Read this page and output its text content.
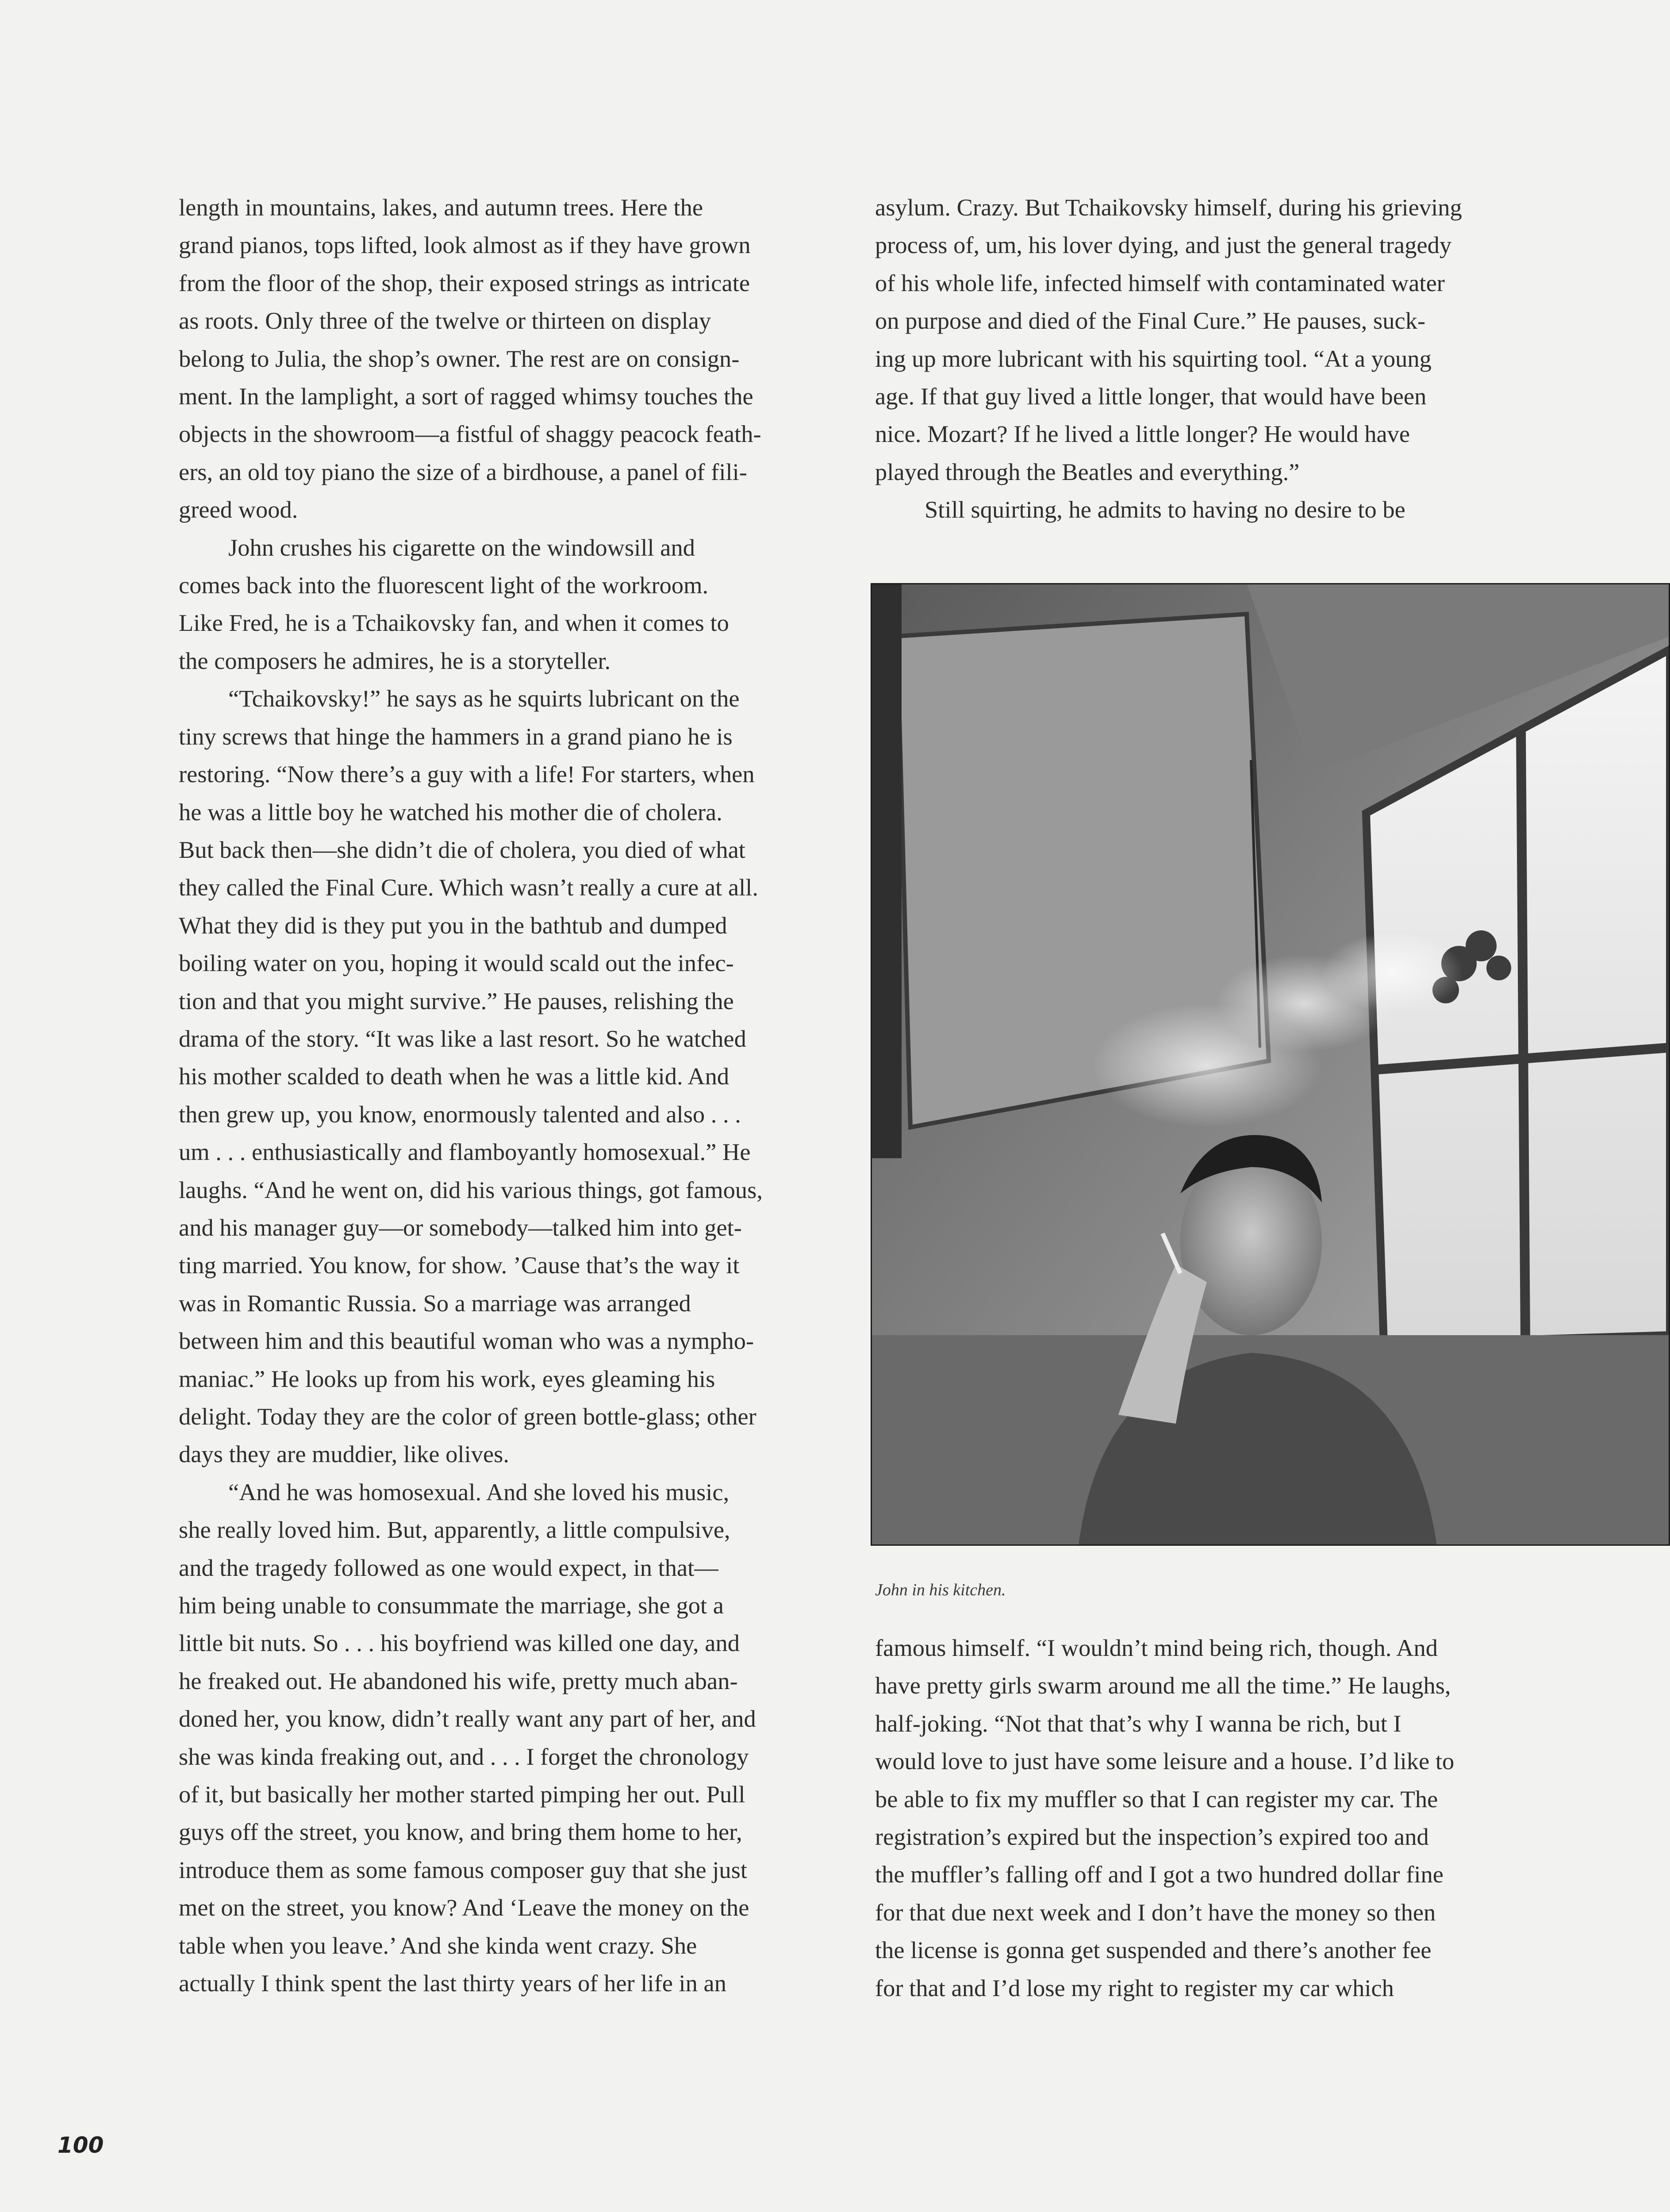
length in mountains, lakes, and autumn trees. Here the
grand pianos, tops lifted, look almost as if they have grown
from the floor of the shop, their exposed strings as intricate
as roots. Only three of the twelve or thirteen on display
belong to Julia, the shop’s owner. The rest are on consign-
ment. In the lamplight, a sort of ragged whimsy touches the
objects in the showroom—a fistful of shaggy peacock feath-
ers, an old toy piano the size of a birdhouse, a panel of fili-
greed wood.
John crushes his cigarette on the windowsill and
comes back into the fluorescent light of the workroom.
Like Fred, he is a Tchaikovsky fan, and when it comes to
the composers he admires, he is a storyteller.
“Tchaikovsky!” he says as he squirts lubricant on the
tiny screws that hinge the hammers in a grand piano he is
restoring. “Now there’s a guy with a life! For starters, when
he was a little boy he watched his mother die of cholera.
But back then—she didn’t die of cholera, you died of what
they called the Final Cure. Which wasn’t really a cure at all.
What they did is they put you in the bathtub and dumped
boiling water on you, hoping it would scald out the infec-
tion and that you might survive.” He pauses, relishing the
drama of the story. “It was like a last resort. So he watched
his mother scalded to death when he was a little kid. And
then grew up, you know, enormously talented and also . . .
um . . . enthusiastically and flamboyantly homosexual.” He
laughs. “And he went on, did his various things, got famous,
and his manager guy—or somebody—talked him into get-
ting married. You know, for show. ’Cause that’s the way it
was in Romantic Russia. So a marriage was arranged
between him and this beautiful woman who was a nympho-
maniac.” He looks up from his work, eyes gleaming his
delight. Today they are the color of green bottle-glass; other
days they are muddier, like olives.
“And he was homosexual. And she loved his music,
she really loved him. But, apparently, a little compulsive,
and the tragedy followed as one would expect, in that—
him being unable to consummate the marriage, she got a
little bit nuts. So . . . his boyfriend was killed one day, and
he freaked out. He abandoned his wife, pretty much aban-
doned her, you know, didn’t really want any part of her, and
she was kinda freaking out, and . . . I forget the chronology
of it, but basically her mother started pimping her out. Pull
guys off the street, you know, and bring them home to her,
introduce them as some famous composer guy that she just
met on the street, you know? And ‘Leave the money on the
table when you leave.’ And she kinda went crazy. She
actually I think spent the last thirty years of her life in an
asylum. Crazy. But Tchaikovsky himself, during his grieving
process of, um, his lover dying, and just the general tragedy
of his whole life, infected himself with contaminated water
on purpose and died of the Final Cure.” He pauses, suck-
ing up more lubricant with his squirting tool. “At a young
age. If that guy lived a little longer, that would have been
nice. Mozart? If he lived a little longer? He would have
played through the Beatles and everything.”
Still squirting, he admits to having no desire to be
John in his kitchen.
famous himself. “I wouldn’t mind being rich, though. And
have pretty girls swarm around me all the time.” He laughs,
half-joking. “Not that that’s why I wanna be rich, but I
would love to just have some leisure and a house. I’d like to
be able to fix my muffler so that I can register my car. The
registration’s expired but the inspection’s expired too and
the muffler’s falling off and I got a two hundred dollar fine
for that due next week and I don’t have the money so then
the license is gonna get suspended and there’s another fee
for that and I’d lose my right to register my car which
100
